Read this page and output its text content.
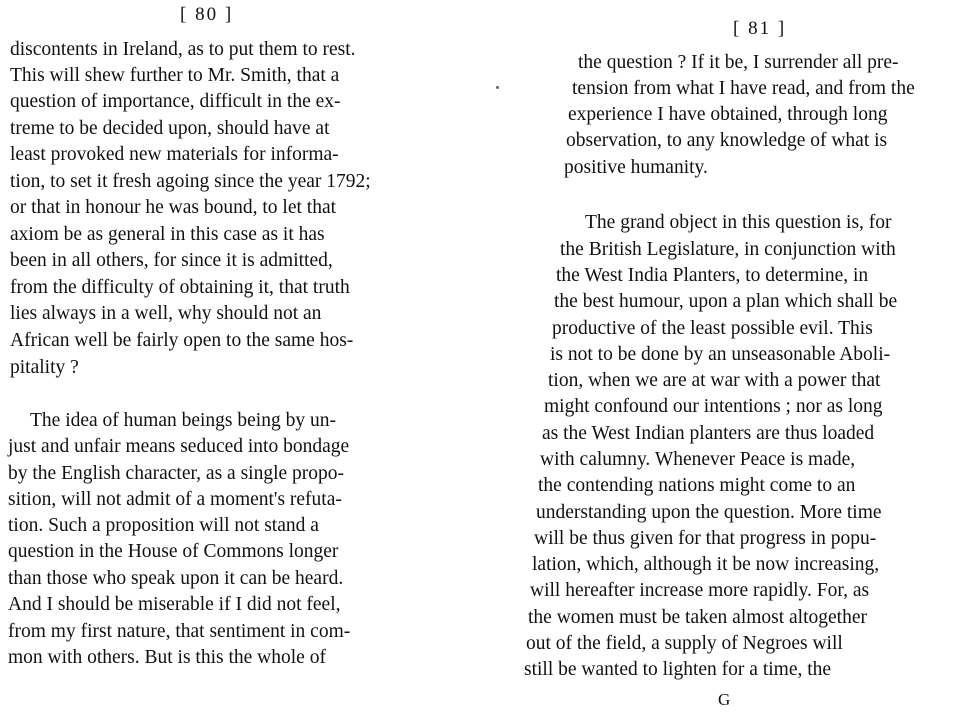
[ 80 ]
discontents in Ireland, as to put them to rest.
This will shew further to Mr. Smith, that a
question of importance, difficult in the ex-
treme to be decided upon, should have at
least provoked new materials for informa-
tion, to set it fresh agoing since the year 1792;
or that in honour he was bound, to let that
axiom be as general in this case as it has
been in all others, for since it is admitted,
from the difficulty of obtaining it, that truth
lies always in a well, why should not an
African well be fairly open to the same hos-
pitality ?
The idea of human beings being by un-
just and unfair means seduced into bondage
by the English character, as a single propo-
sition, will not admit of a moment's refuta-
tion. Such a proposition will not stand a
question in the House of Commons longer
than those who speak upon it can be heard.
And I should be miserable if I did not feel,
from my first nature, that sentiment in com-
mon with others. But is this the whole of
[ 81 ]
the question ? If it be, I surrender all pre-
tension from what I have read, and from the
experience I have obtained, through long
observation, to any knowledge of what is
positive humanity.
The grand object in this question is, for
the British Legislature, in conjunction with
the West India Planters, to determine, in
the best humour, upon a plan which shall be
productive of the least possible evil. This
is not to be done by an unseasonable Aboli-
tion, when we are at war with a power that
might confound our intentions ; nor as long
as the West Indian planters are thus loaded
with calumny. Whenever Peace is made,
the contending nations might come to an
understanding upon the question. More time
will be thus given for that progress in popu-
lation, which, although it be now increasing,
will hereafter increase more rapidly. For, as
the women must be taken almost altogether
out of the field, a supply of Negroes will
still be wanted to lighten for a time, the
G
